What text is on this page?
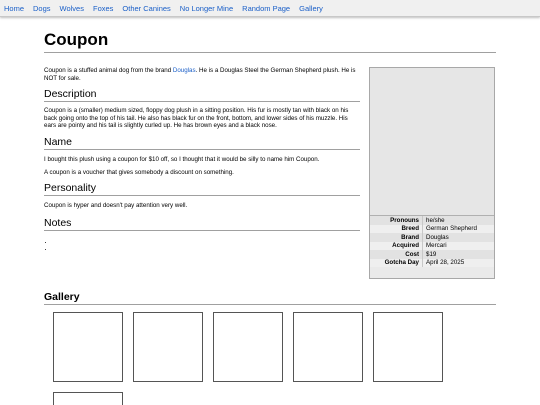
Home Dogs Wolves Foxes Other Canines No Longer Mine Random Page Gallery
Coupon

Coupon is a stuffed animal dog from the brand Douglas. He is a Douglas Steel the German Shepherd plush. He is NOT for sale.

Description

Coupon is a (smaller) medium sized, floppy dog plush in a sitting position. His fur is mostly tan with black on his back going onto the top of his tail. He also has black fur on the front, bottom, and lower sides of his muzzle. His ears are pointy and his tail is slightly curled up. He has brown eyes and a black nose.

Name

I bought this plush using a coupon for $10 off, so I thought that it would be silly to name him Coupon.

A coupon is a voucher that gives somebody a discount on something.

Personality

Coupon is hyper and doesn't pay attention very well.

Notes
•
•	Pronouns	he/she
Breed	German Shepherd
Brand	Douglas
Acquired	Mercari
Cost	$19
Gotcha Day	April 28, 2025
Gallery
